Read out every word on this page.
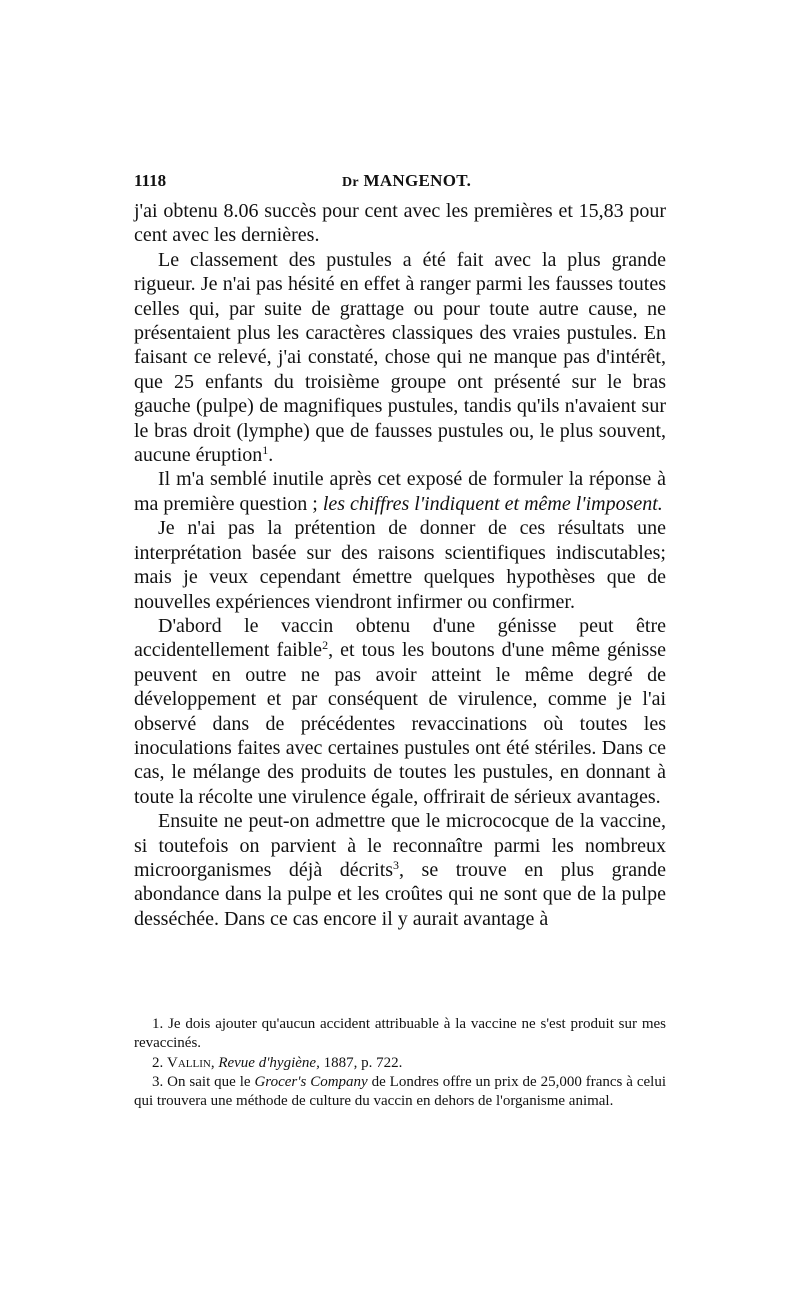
1118	Dr MANGENOT.

j'ai obtenu 8.06 succès pour cent avec les premières et 15,83 pour cent avec les dernières.

Le classement des pustules a été fait avec la plus grande rigueur. Je n'ai pas hésité en effet à ranger parmi les fausses toutes celles qui, par suite de grattage ou pour toute autre cause, ne présentaient plus les caractères classiques des vraies pustules. En faisant ce relevé, j'ai constaté, chose qui ne manque pas d'intérêt, que 25 enfants du troisième groupe ont présenté sur le bras gauche (pulpe) de magnifiques pustules, tandis qu'ils n'avaient sur le bras droit (lymphe) que de fausses pustules ou, le plus souvent, aucune éruption$^1$.

Il m'a semblé inutile après cet exposé de formuler la réponse à ma première question ; les chiffres l'indiquent et même l'imposent.

Je n'ai pas la prétention de donner de ces résultats une interprétation basée sur des raisons scientifiques indiscutables; mais je veux cependant émettre quelques hypothèses que de nouvelles expériences viendront infirmer ou confirmer.

D'abord le vaccin obtenu d'une génisse peut être accidentellement faible$^2$, et tous les boutons d'une même génisse peuvent en outre ne pas avoir atteint le même degré de développement et par conséquent de virulence, comme je l'ai observé dans de précédentes revaccinations où toutes les inoculations faites avec certaines pustules ont été stériles. Dans ce cas, le mélange des produits de toutes les pustules, en donnant à toute la récolte une virulence égale, offrirait de sérieux avantages.

Ensuite ne peut-on admettre que le micrococque de la vaccine, si toutefois on parvient à le reconnaître parmi les nombreux microorganismes déjà décrits$^3$, se trouve en plus grande abondance dans la pulpe et les croûtes qui ne sont que de la pulpe desséchée. Dans ce cas encore il y aurait avantage à

1. Je dois ajouter qu'aucun accident attribuable à la vaccine ne s'est produit sur mes revaccinés.

2. Vallin, Revue d'hygiène, 1887, p. 722.

3. On sait que le Grocer's Company de Londres offre un prix de 25,000 francs à celui qui trouvera une méthode de culture du vaccin en dehors de l'organisme animal.
